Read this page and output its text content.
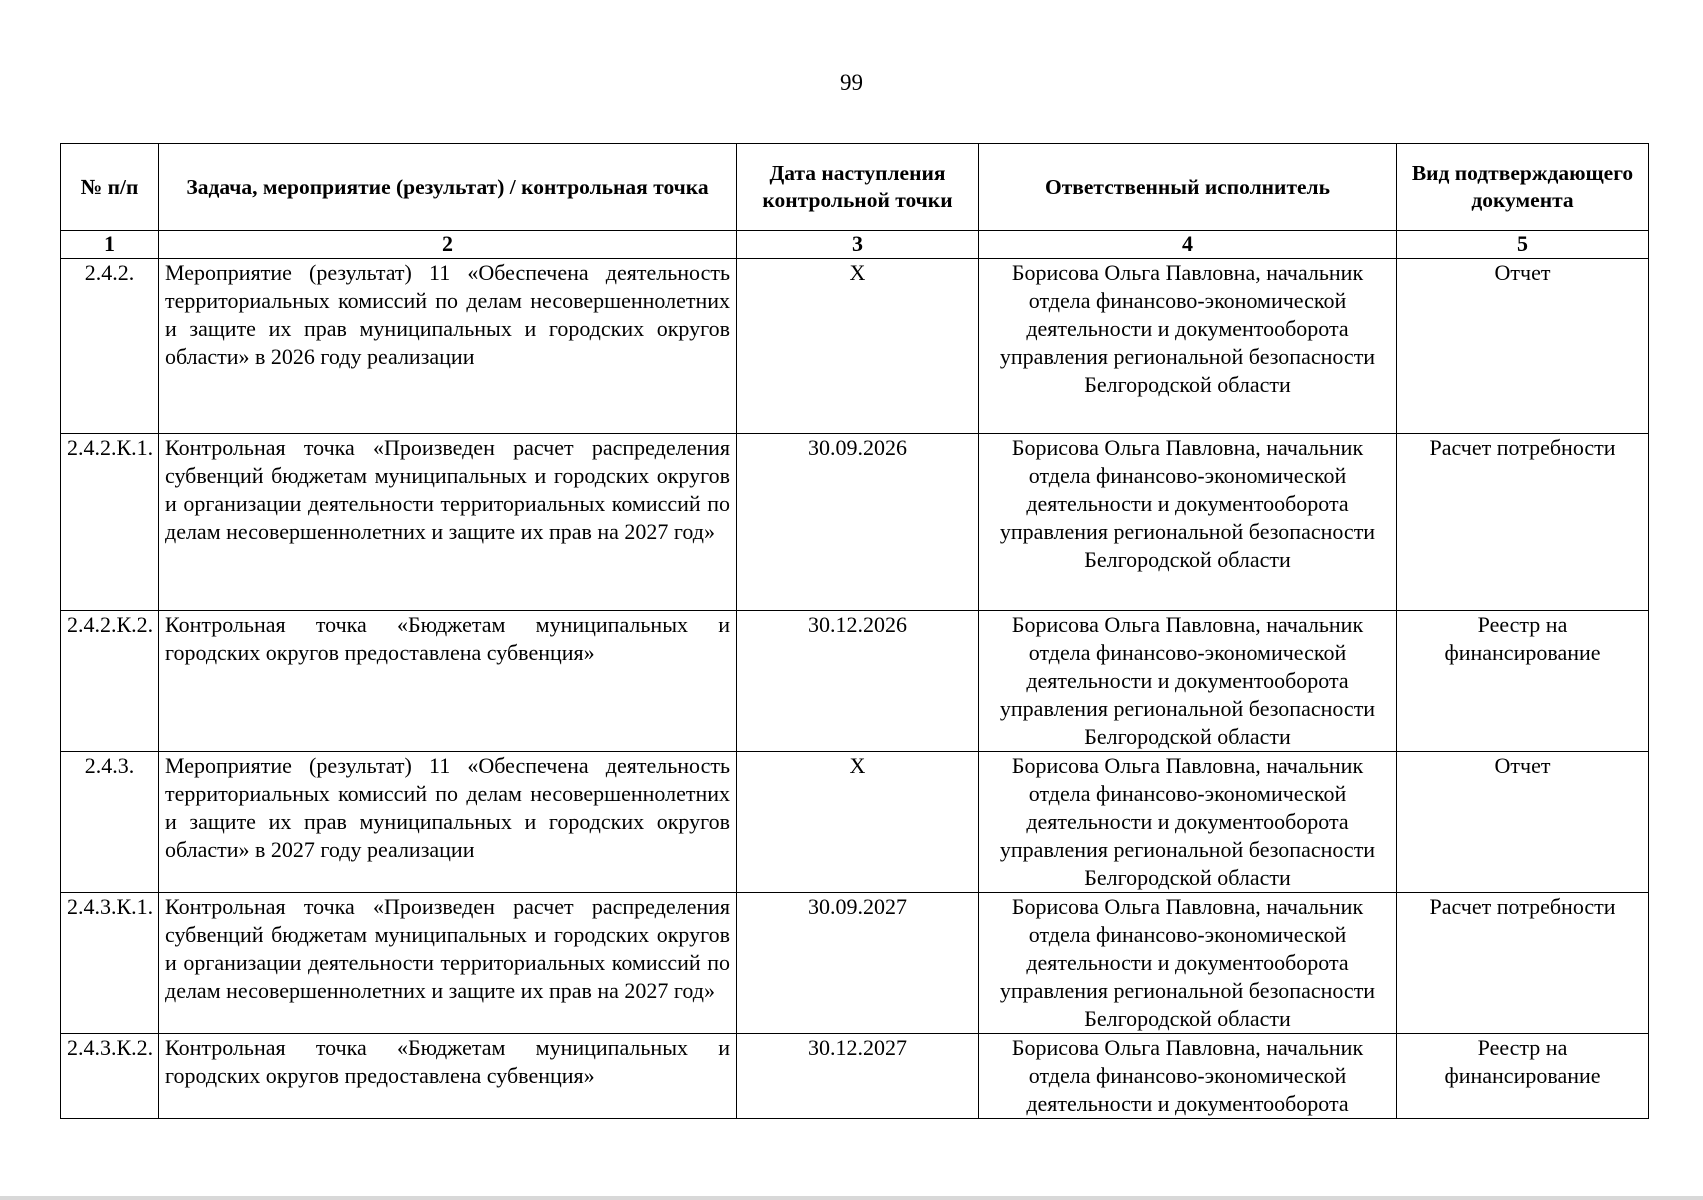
99
№ п/п	Задача, мероприятие (результат) / контрольная точка	Дата наступления контрольной точки	Ответственный исполнитель	Вид подтверждающего документа
1	2	3	4	5
2.4.2.	Мероприятие (результат) 11 «Обеспечена деятельность территориальных комиссий по делам несовершеннолетних и защите их прав муниципальных и городских округов области» в 2026 году реализации	X	Борисова Ольга Павловна, начальник отдела финансово-экономической деятельности и документооборота управления региональной безопасности Белгородской области	Отчет
2.4.2.К.1.	Контрольная точка «Произведен расчет распределения субвенций бюджетам муниципальных и городских округов и организации деятельности территориальных комиссий по делам несовершеннолетних и защите их прав на 2027 год»	30.09.2026	Борисова Ольга Павловна, начальник отдела финансово-экономической деятельности и документооборота управления региональной безопасности Белгородской области	Расчет потребности
2.4.2.К.2.	Контрольная точка «Бюджетам муниципальных и городских округов предоставлена субвенция»	30.12.2026	Борисова Ольга Павловна, начальник отдела финансово-экономической деятельности и документооборота управления региональной безопасности Белгородской области	Реестр на финансирование
2.4.3.	Мероприятие (результат) 11 «Обеспечена деятельность территориальных комиссий по делам несовершеннолетних и защите их прав муниципальных и городских округов области» в 2027 году реализации	X	Борисова Ольга Павловна, начальник отдела финансово-экономической деятельности и документооборота управления региональной безопасности Белгородской области	Отчет
2.4.3.К.1.	Контрольная точка «Произведен расчет распределения субвенций бюджетам муниципальных и городских округов и организации деятельности территориальных комиссий по делам несовершеннолетних и защите их прав на 2027 год»	30.09.2027	Борисова Ольга Павловна, начальник отдела финансово-экономической деятельности и документооборота управления региональной безопасности Белгородской области	Расчет потребности
2.4.3.К.2.	Контрольная точка «Бюджетам муниципальных и городских округов предоставлена субвенция»	30.12.2027	Борисова Ольга Павловна, начальник отдела финансово-экономической деятельности и документооборота	Реестр на финансирование
